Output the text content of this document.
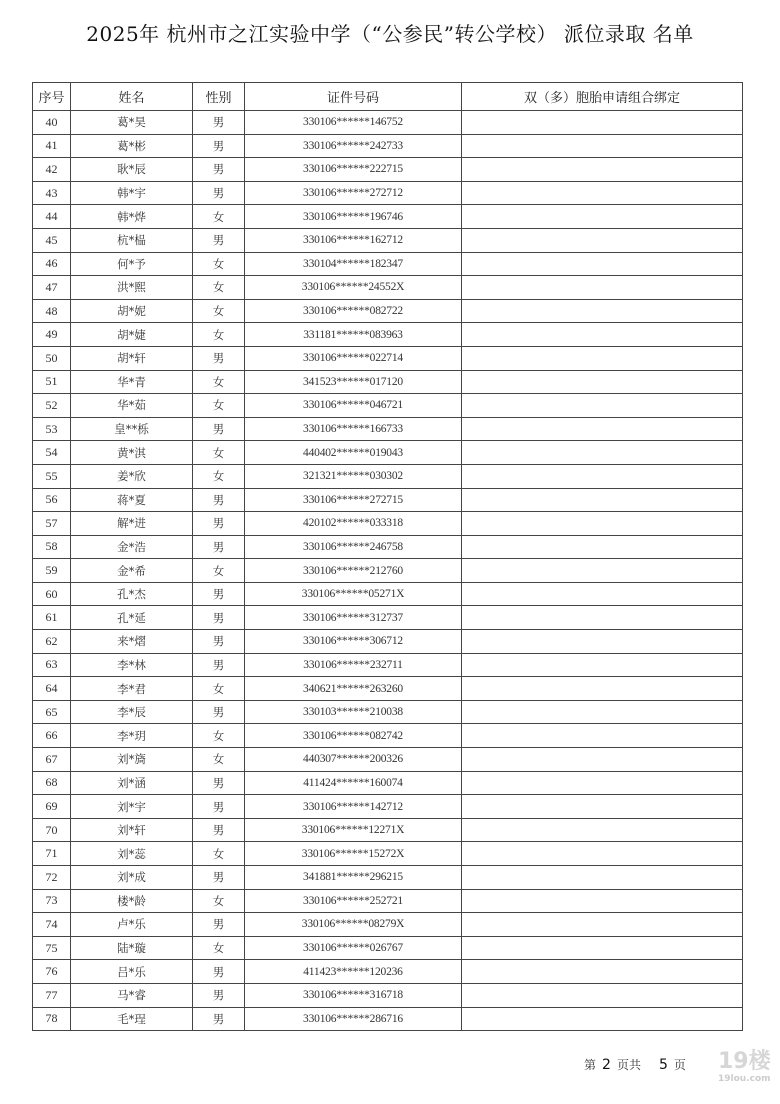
2025年 杭州市之江实验中学（“公参民”转公学校） 派位录取 名单
序号	姓名	性别	证件号码	双（多）胞胎申请组合绑定
40	葛*昊	男	330106******146752	
41	葛*彬	男	330106******242733	
42	耿*辰	男	330106******222715	
43	韩*宇	男	330106******272712	
44	韩*烨	女	330106******196746	
45	杭*榀	男	330106******162712	
46	何*予	女	330104******182347	
47	洪*熙	女	330106******24552X	
48	胡*妮	女	330106******082722	
49	胡*婕	女	331181******083963	
50	胡*轩	男	330106******022714	
51	华*青	女	341523******017120	
52	华*茹	女	330106******046721	
53	皇**栎	男	330106******166733	
54	黄*淇	女	440402******019043	
55	姜*欣	女	321321******030302	
56	蒋*夏	男	330106******272715	
57	解*进	男	420102******033318	
58	金*浩	男	330106******246758	
59	金*希	女	330106******212760	
60	孔*杰	男	330106******05271X	
61	孔*延	男	330106******312737	
62	来*熠	男	330106******306712	
63	李*林	男	330106******232711	
64	李*君	女	340621******263260	
65	李*辰	男	330103******210038	
66	李*玥	女	330106******082742	
67	刘*旖	女	440307******200326	
68	刘*涵	男	411424******160074	
69	刘*宇	男	330106******142712	
70	刘*轩	男	330106******12271X	
71	刘*蕊	女	330106******15272X	
72	刘*成	男	341881******296215	
73	楼*龄	女	330106******252721	
74	卢*乐	男	330106******08279X	
75	陆*璇	女	330106******026767	
76	吕*乐	男	411423******120236	
77	马*睿	男	330106******316718	
78	毛*珵	男	330106******286716	
第 2 页共 5 页 19楼
19lou.com
